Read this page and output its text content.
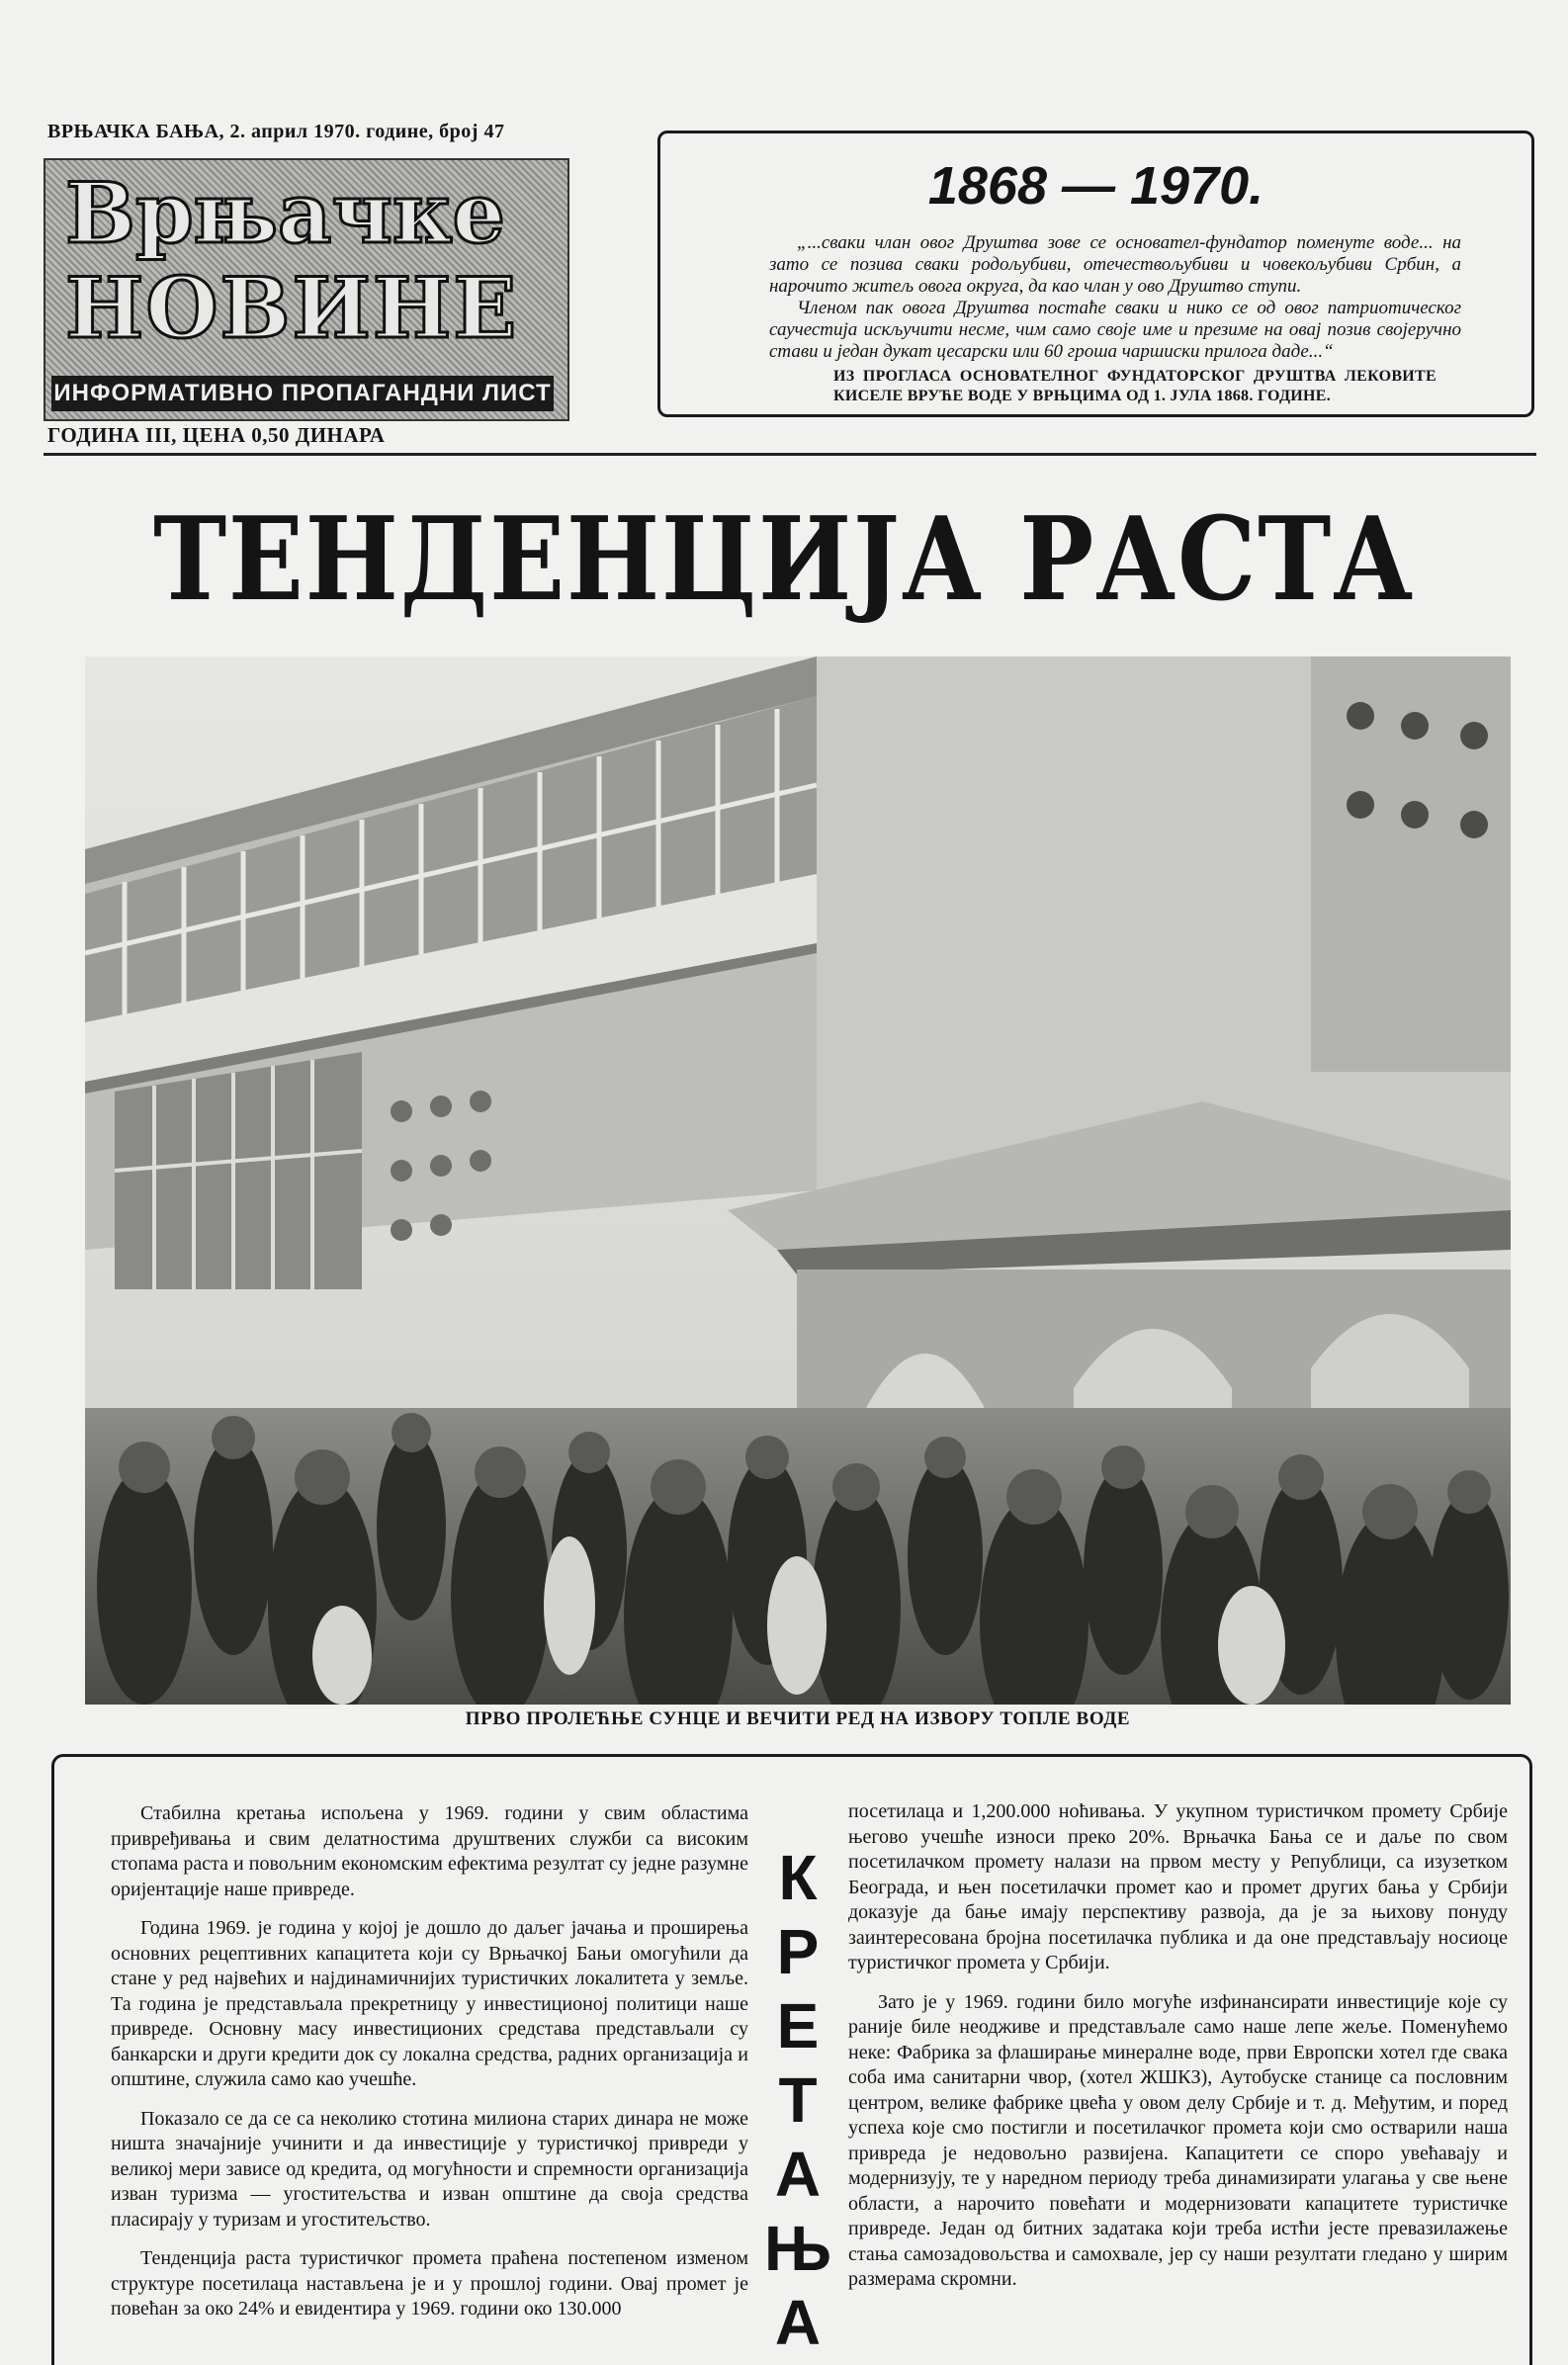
ВРЊАЧКА БАЊА, 2. април 1970. године, број 47
Врњачке
НОВИНЕ
ИНФОРМАТИВНО ПРОПАГАНДНИ ЛИСТ
ГОДИНА III, ЦЕНА 0,50 ДИНАРА
1868 — 1970.

„...сваки члан овог Друштва зове се основател-фундатор поменуте воде... на зато се позива сваки родољубиви, отечествољубиви и човекољубиви Србин, а нарочито житељ овога округа, да као члан у ово Друштво ступи.

Членом пак овога Друштва постаће сваки и нико се од овог патриотическог саучестија искључити несме, чим само своје име и презиме на овај позив својеручно стави и један дукат цесарски или 60 гроша чаршиски прилога даде...“

ИЗ ПРОГЛАСА ОСНОВАТЕЛНОГ ФУНДАТОРСКОГ ДРУШТВА ЛЕКОВИТЕ КИСЕЛЕ ВРУЋЕ ВОДЕ У ВРЊЦИМА ОД 1. ЈУЛА 1868. ГОДИНЕ.
ТЕНДЕНЦИЈА РАСТА
ПРВО ПРОЛЕЋЊЕ СУНЦЕ И ВЕЧИТИ РЕД НА ИЗВОРУ ТОПЛЕ ВОДЕ

Стабилна кретања испољена у 1969. години у свим областима привређивања и свим делатностима друштвених служби са високим стопама раста и повољним економским ефектима резултат су једне разумне оријентације наше привреде.

Година 1969. је година у којој је дошло до даљег јачања и проширења основних рецептивних капацитета који су Врњачкој Бањи омогућили да стане у ред највећих и најдинамичнијих туристичких локалитета у земље. Та година је представљала прекретницу у инвестиционој политици наше привреде. Основну масу инвестиционих средстава представљали су банкарски и други кредити док су локална средства, радних организација и општине, служила само као учешће.

Показало се да се са неколико стотина милиона старих динара не може ништа значајније учинити и да инвестиције у туристичкој привреди у великој мери зависе од кредита, од могућности и спремности организација изван туризма — угоститељства и изван општине да своја средства пласирају у туризам и угоститељство.

Тенденција раста туристичког промета праћена постепеном изменом структуре посетилаца настављена је и у прошлој години. Овај промет је повећан за око 24% и евидентира у 1969. години око 130.000

К
Р
Е
Т
А
Њ
А

посетилаца и 1,200.000 ноћивања. У укупном туристичком промету Србије његово учешће износи преко 20%. Врњачка Бања се и даље по свом посетилачком промету налази на првом месту у Републици, са изузетком Београда, и њен посетилачки промет као и промет других бања у Србији доказује да бање имају перспективу развоја, да је за њихову понуду заинтересована бројна посетилачка публика и да оне представљају носиоце туристичког промета у Србији.

Зато је у 1969. години било могуће изфинансирати инвестиције које су раније биле неодживе и представљале само наше лепе жеље. Поменућемо неке: Фабрика за флаширање минералне воде, први Европски хотел где свака соба има санитарни чвор, (хотел ЖШКЗ), Аутобуске станице са пословним центром, велике фабрике цвећа у овом делу Србије и т. д. Међутим, и поред успеха које смо постигли и посетилачког промета који смо остварили наша привреда је недовољно развијена. Капацитети се споро увећавају и модернизују, те у наредном периоду треба динамизирати улагања у све њене области, а нарочито повећати и модернизовати капацитете туристичке привреде. Један од битних задатака који треба истћи јесте превазилажење стања самозадовољства и самохвале, јер су наши резултати гледано у ширим размерама скромни.
